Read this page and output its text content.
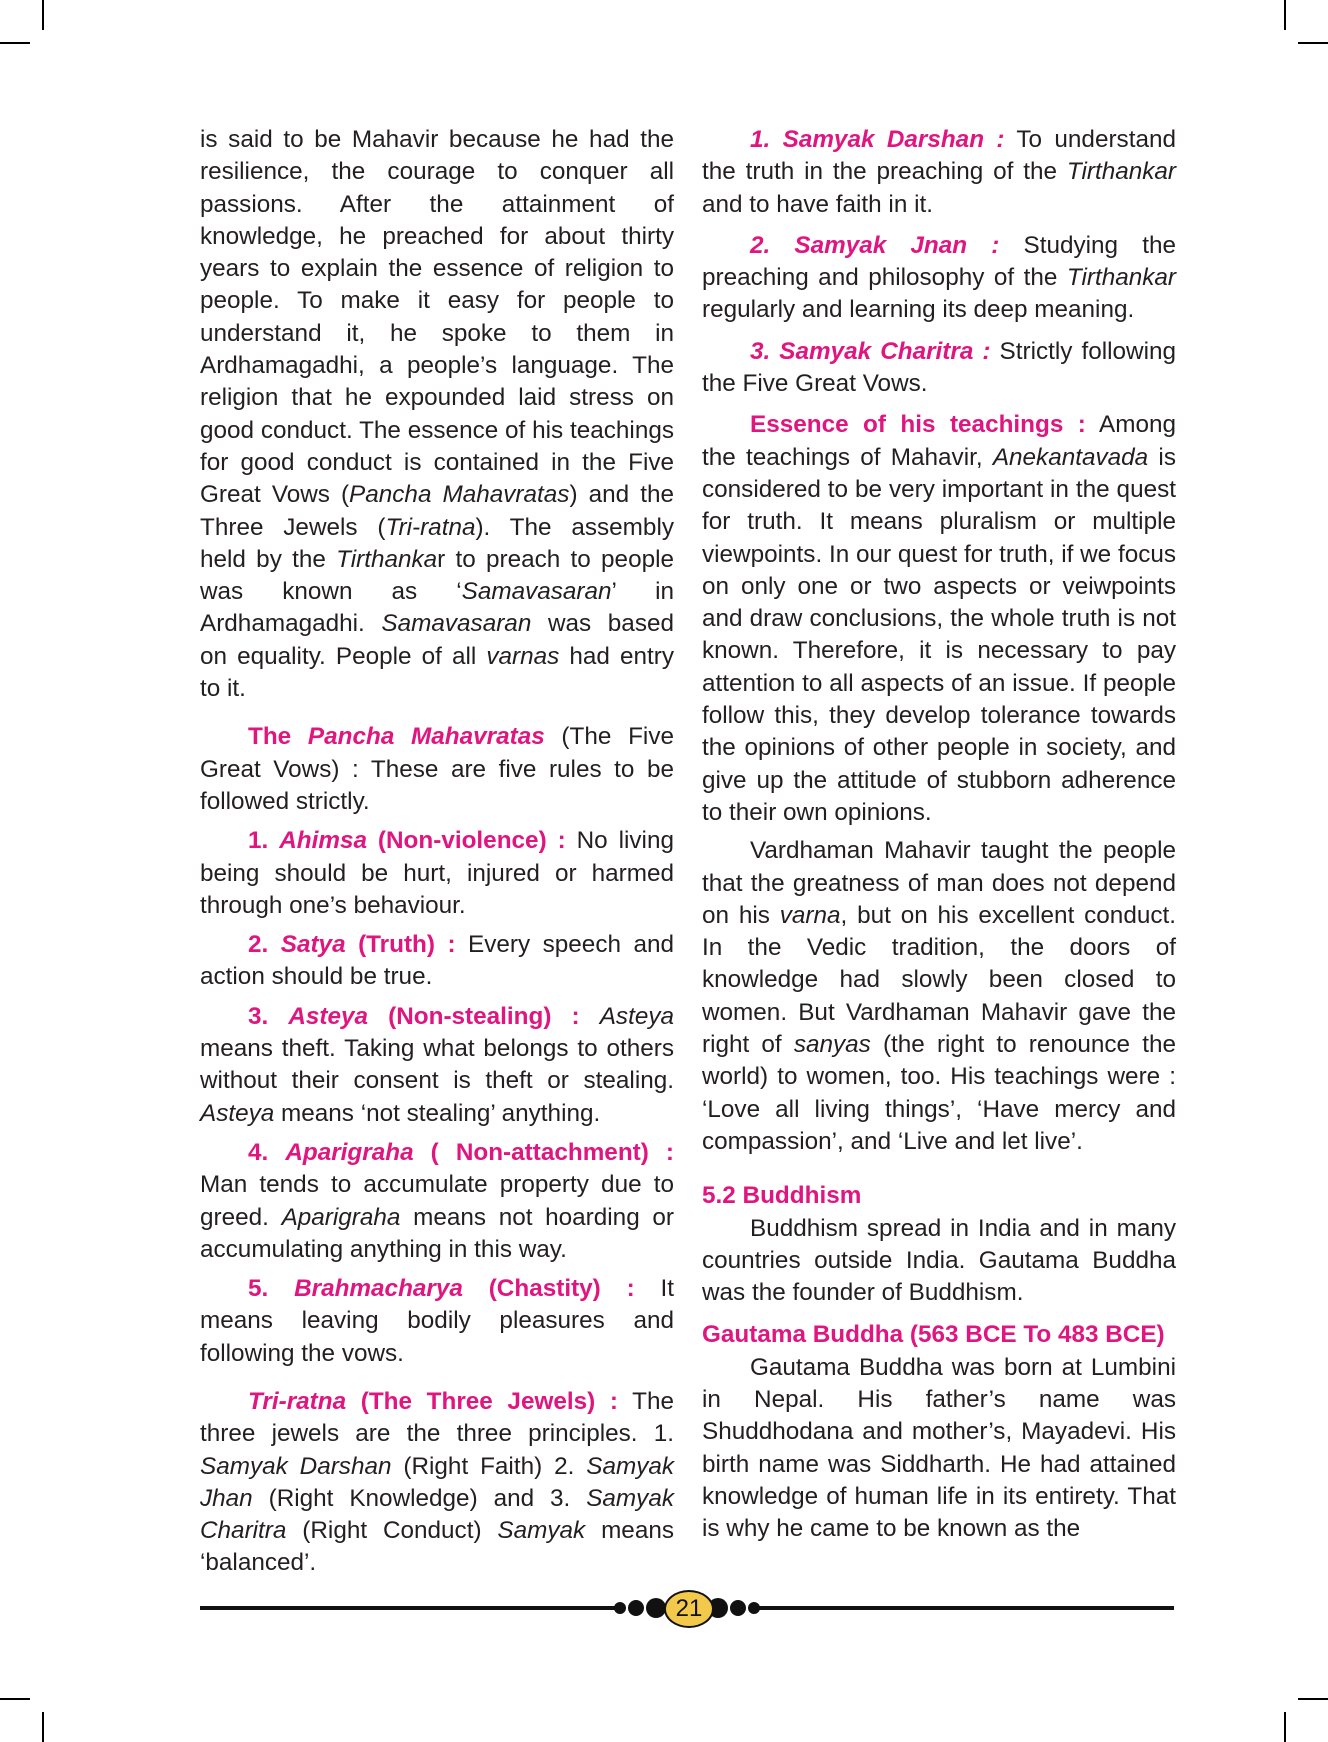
is said to be Mahavir because he had the resilience, the courage to conquer all passions. After the attainment of knowledge, he preached for about thirty years to explain the essence of religion to people. To make it easy for people to understand it, he spoke to them in Ardhamagadhi, a people’s language. The religion that he expounded laid stress on good conduct. The essence of his teachings for good conduct is contained in the Five Great Vows (Pancha Mahavratas) and the Three Jewels (Tri-ratna). The assembly held by the Tirthankar to preach to people was known as ‘Samavasaran’ in Ardhamagadhi. Samavasaran was based on equality. People of all varnas had entry to it.

The Pancha Mahavratas (The Five Great Vows) : These are five rules to be followed strictly.

1. Ahimsa (Non-violence) : No living being should be hurt, injured or harmed through one’s behaviour.

2. Satya (Truth) : Every speech and action should be true.

3. Asteya (Non-stealing) : Asteya means theft. Taking what belongs to others without their consent is theft or stealing. Asteya means ‘not stealing’ anything.

4. Aparigraha ( Non-attachment) : Man tends to accumulate property due to greed. Aparigraha means not hoarding or accumulating anything in this way.

5. Brahmacharya (Chastity) : It means leaving bodily pleasures and following the vows.

Tri-ratna (The Three Jewels) : The three jewels are the three principles. 1. Samyak Darshan (Right Faith) 2. Samyak Jhan (Right Knowledge) and 3. Samyak Charitra (Right Conduct) Samyak means ‘balanced’.

1. Samyak Darshan : To understand the truth in the preaching of the Tirthankar and to have faith in it.

2. Samyak Jnan : Studying the preaching and philosophy of the Tirthankar regularly and learning its deep meaning.

3. Samyak Charitra : Strictly following the Five Great Vows.

Essence of his teachings : Among the teachings of Mahavir, Anekantavada is considered to be very important in the quest for truth. It means pluralism or multiple viewpoints. In our quest for truth, if we focus on only one or two aspects or veiwpoints and draw conclusions, the whole truth is not known. Therefore, it is necessary to pay attention to all aspects of an issue. If people follow this, they develop tolerance towards the opinions of other people in society, and give up the attitude of stubborn adherence to their own opinions.

Vardhaman Mahavir taught the people that the greatness of man does not depend on his varna, but on his excellent conduct. In the Vedic tradition, the doors of knowledge had slowly been closed to women. But Vardhaman Mahavir gave the right of sanyas (the right to renounce the world) to women, too. His teachings were : ‘Love all living things’, ‘Have mercy and compassion’, and ‘Live and let live’.

5.2 Buddhism

Buddhism spread in India and in many countries outside India. Gautama Buddha was the founder of Buddhism.

Gautama Buddha (563 BCE To 483 BCE)

Gautama Buddha was born at Lumbini in Nepal. His father’s name was Shuddhodana and mother’s, Mayadevi. His birth name was Siddharth. He had attained knowledge of human life in its entirety. That is why he came to be known as the

21
